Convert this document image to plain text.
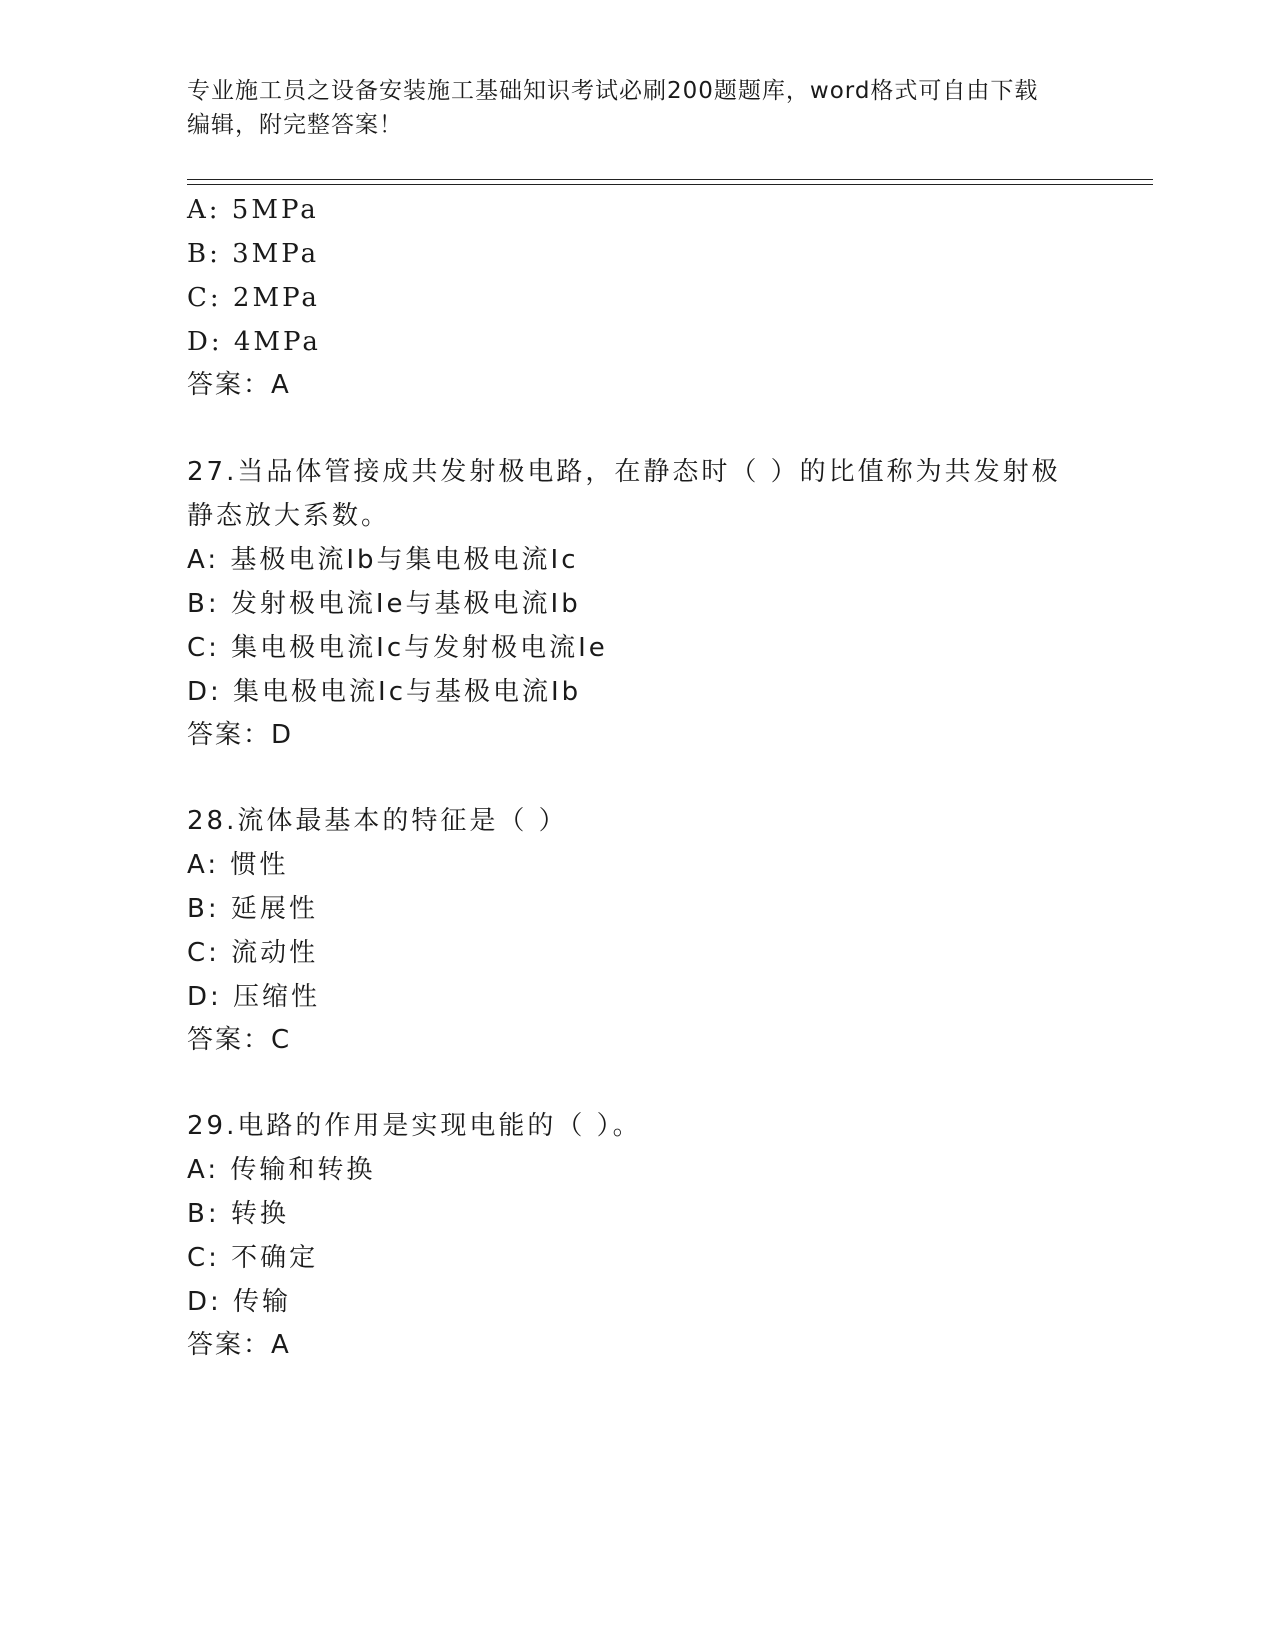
专业施工员之设备安装施工基础知识考试必刷200题题库，word格式可自由下载
编辑，附完整答案！
A: 5MPa
B: 3MPa
C: 2MPa
D: 4MPa
答案：A
27.当品体管接成共发射极电路，在静态时（ ）的比值称为共发射极
静态放大系数。
A: 基极电流Ib与集电极电流Ic
B: 发射极电流Ie与基极电流Ib
C: 集电极电流Ic与发射极电流Ie
D: 集电极电流Ic与基极电流Ib
答案：D
28.流体最基本的特征是（ ）
A: 惯性
B: 延展性
C: 流动性
D: 压缩性
答案：C
29.电路的作用是实现电能的（ ）。
A: 传输和转换
B: 转换
C: 不确定
D: 传输
答案：A
